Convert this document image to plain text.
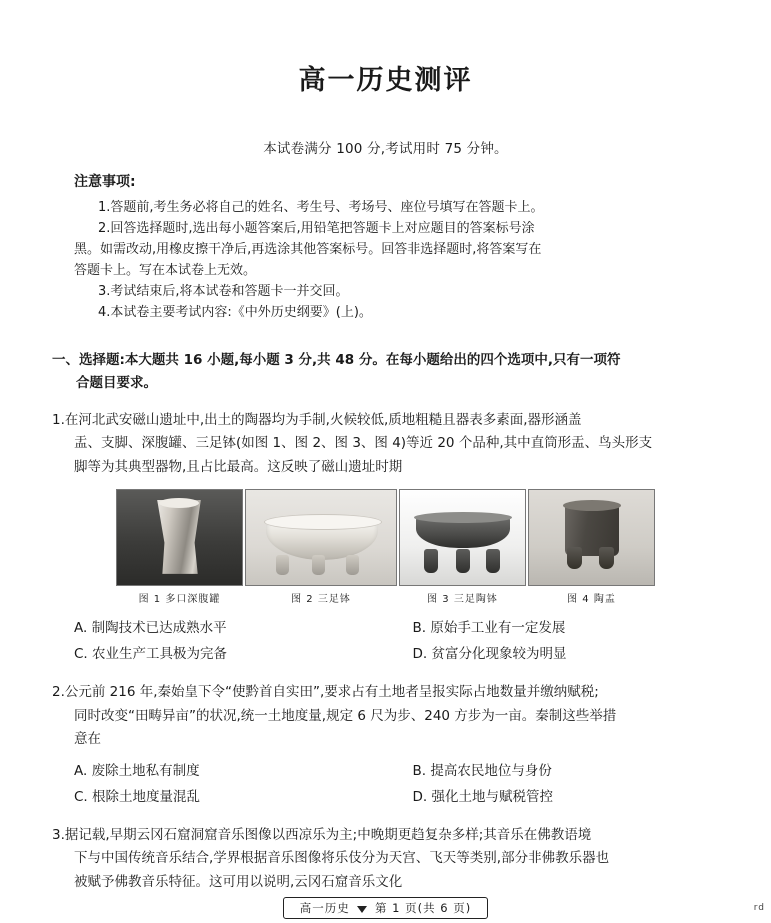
高一历史测评
本试卷满分 100 分,考试用时 75 分钟。
注意事项:
1.答题前,考生务必将自己的姓名、考生号、考场号、座位号填写在答题卡上。
2.回答选择题时,选出每小题答案后,用铅笔把答题卡上对应题目的答案标号涂
黑。如需改动,用橡皮擦干净后,再选涂其他答案标号。回答非选择题时,将答案写在
答题卡上。写在本试卷上无效。
3.考试结束后,将本试卷和答题卡一并交回。
4.本试卷主要考试内容:《中外历史纲要》(上)。
一、选择题:本大题共 16 小题,每小题 3 分,共 48 分。在每小题给出的四个选项中,只有一项符
合题目要求。
1.在河北武安磁山遗址中,出土的陶器均为手制,火候较低,质地粗糙且器表多素面,器形涵盖
盂、支脚、深腹罐、三足钵(如图 1、图 2、图 3、图 4)等近 20 个品种,其中直筒形盂、鸟头形支
脚等为其典型器物,且占比最高。这反映了磁山遗址时期
图 1 多口深腹罐	图 2 三足钵	图 3 三足陶钵	图 4 陶盂
A. 制陶技术已达成熟水平	B. 原始手工业有一定发展
C. 农业生产工具极为完备	D. 贫富分化现象较为明显
2.公元前 216 年,秦始皇下令“使黔首自实田”,要求占有土地者呈报实际占地数量并缴纳赋税;
同时改变“田畴异亩”的状况,统一土地度量,规定 6 尺为步、240 方步为一亩。秦制这些举措
意在
A. 废除土地私有制度	B. 提高农民地位与身份
C. 根除土地度量混乱	D. 强化土地与赋税管控
3.据记载,早期云冈石窟洞窟音乐图像以西凉乐为主;中晚期更趋复杂多样;其音乐在佛教语境
下与中国传统音乐结合,学界根据音乐图像将乐伎分为天宫、飞天等类别,部分非佛教乐器也
被赋予佛教音乐特征。这可用以说明,云冈石窟音乐文化
高一历史 第 1 页(共 6 页)	rd
